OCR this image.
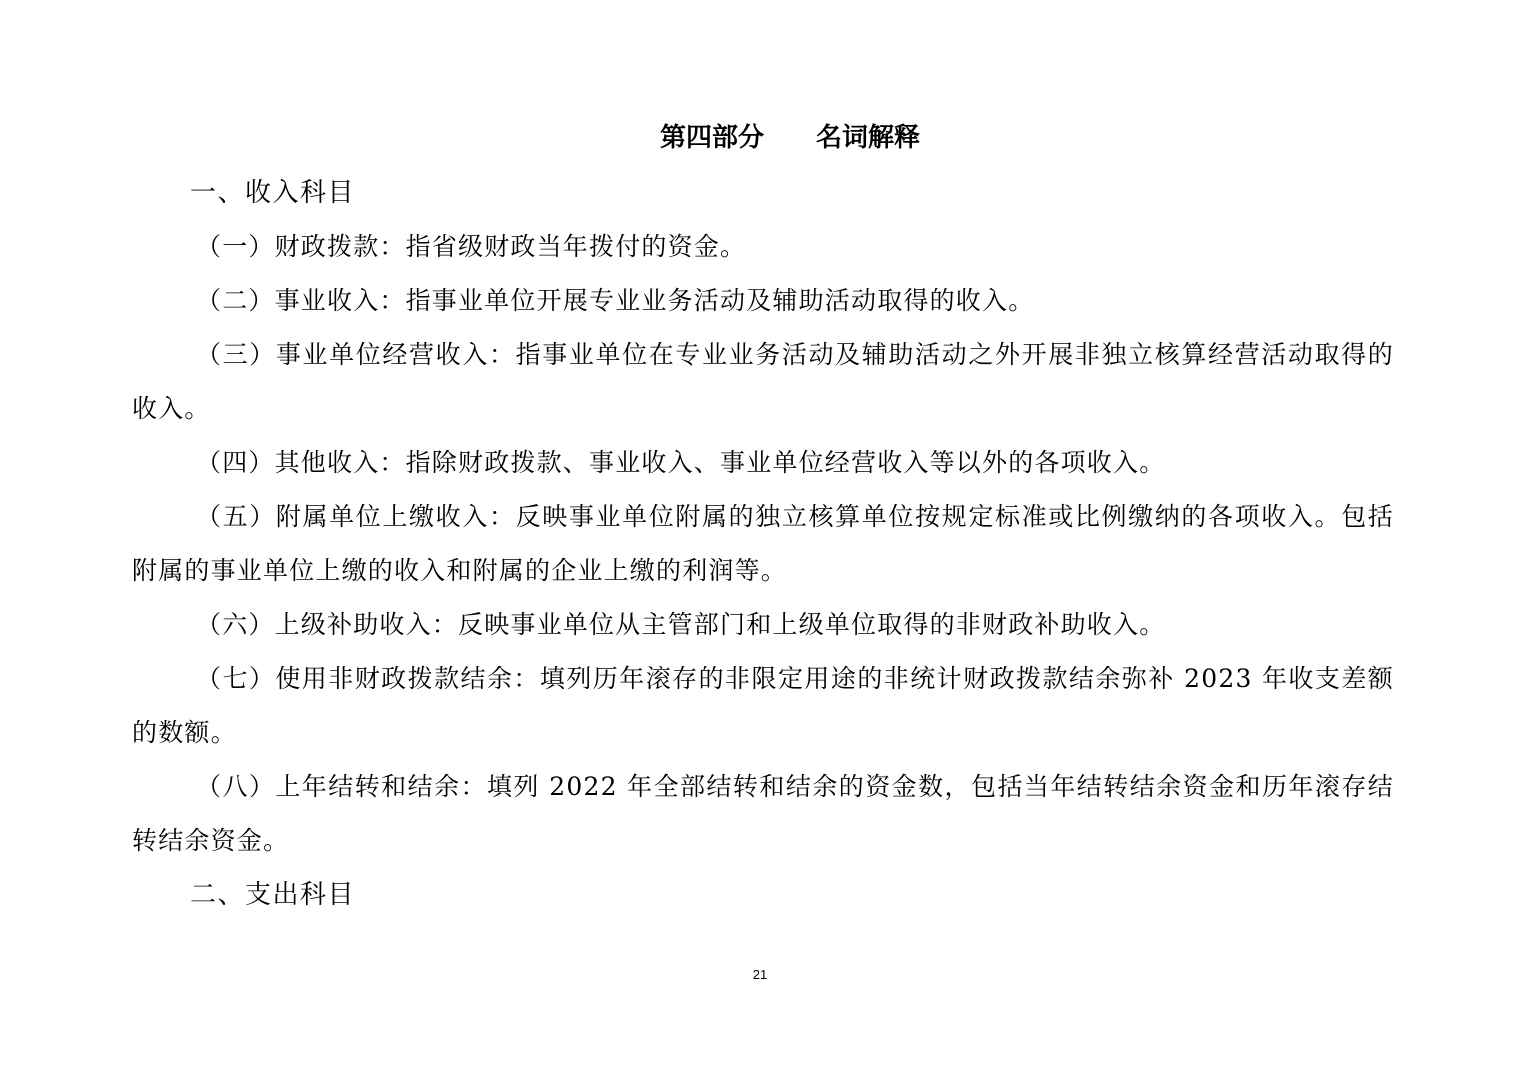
第四部分　　名词解释

一、收入科目

（一）财政拨款：指省级财政当年拨付的资金。

（二）事业收入：指事业单位开展专业业务活动及辅助活动取得的收入。

（三）事业单位经营收入：指事业单位在专业业务活动及辅助活动之外开展非独立核算经营活动取得的收入。

（四）其他收入：指除财政拨款、事业收入、事业单位经营收入等以外的各项收入。

（五）附属单位上缴收入：反映事业单位附属的独立核算单位按规定标准或比例缴纳的各项收入。包括附属的事业单位上缴的收入和附属的企业上缴的利润等。

（六）上级补助收入：反映事业单位从主管部门和上级单位取得的非财政补助收入。

（七）使用非财政拨款结余：填列历年滚存的非限定用途的非统计财政拨款结余弥补 2023 年收支差额的数额。

（八）上年结转和结余：填列 2022 年全部结转和结余的资金数，包括当年结转结余资金和历年滚存结转结余资金。

二、支出科目

21
